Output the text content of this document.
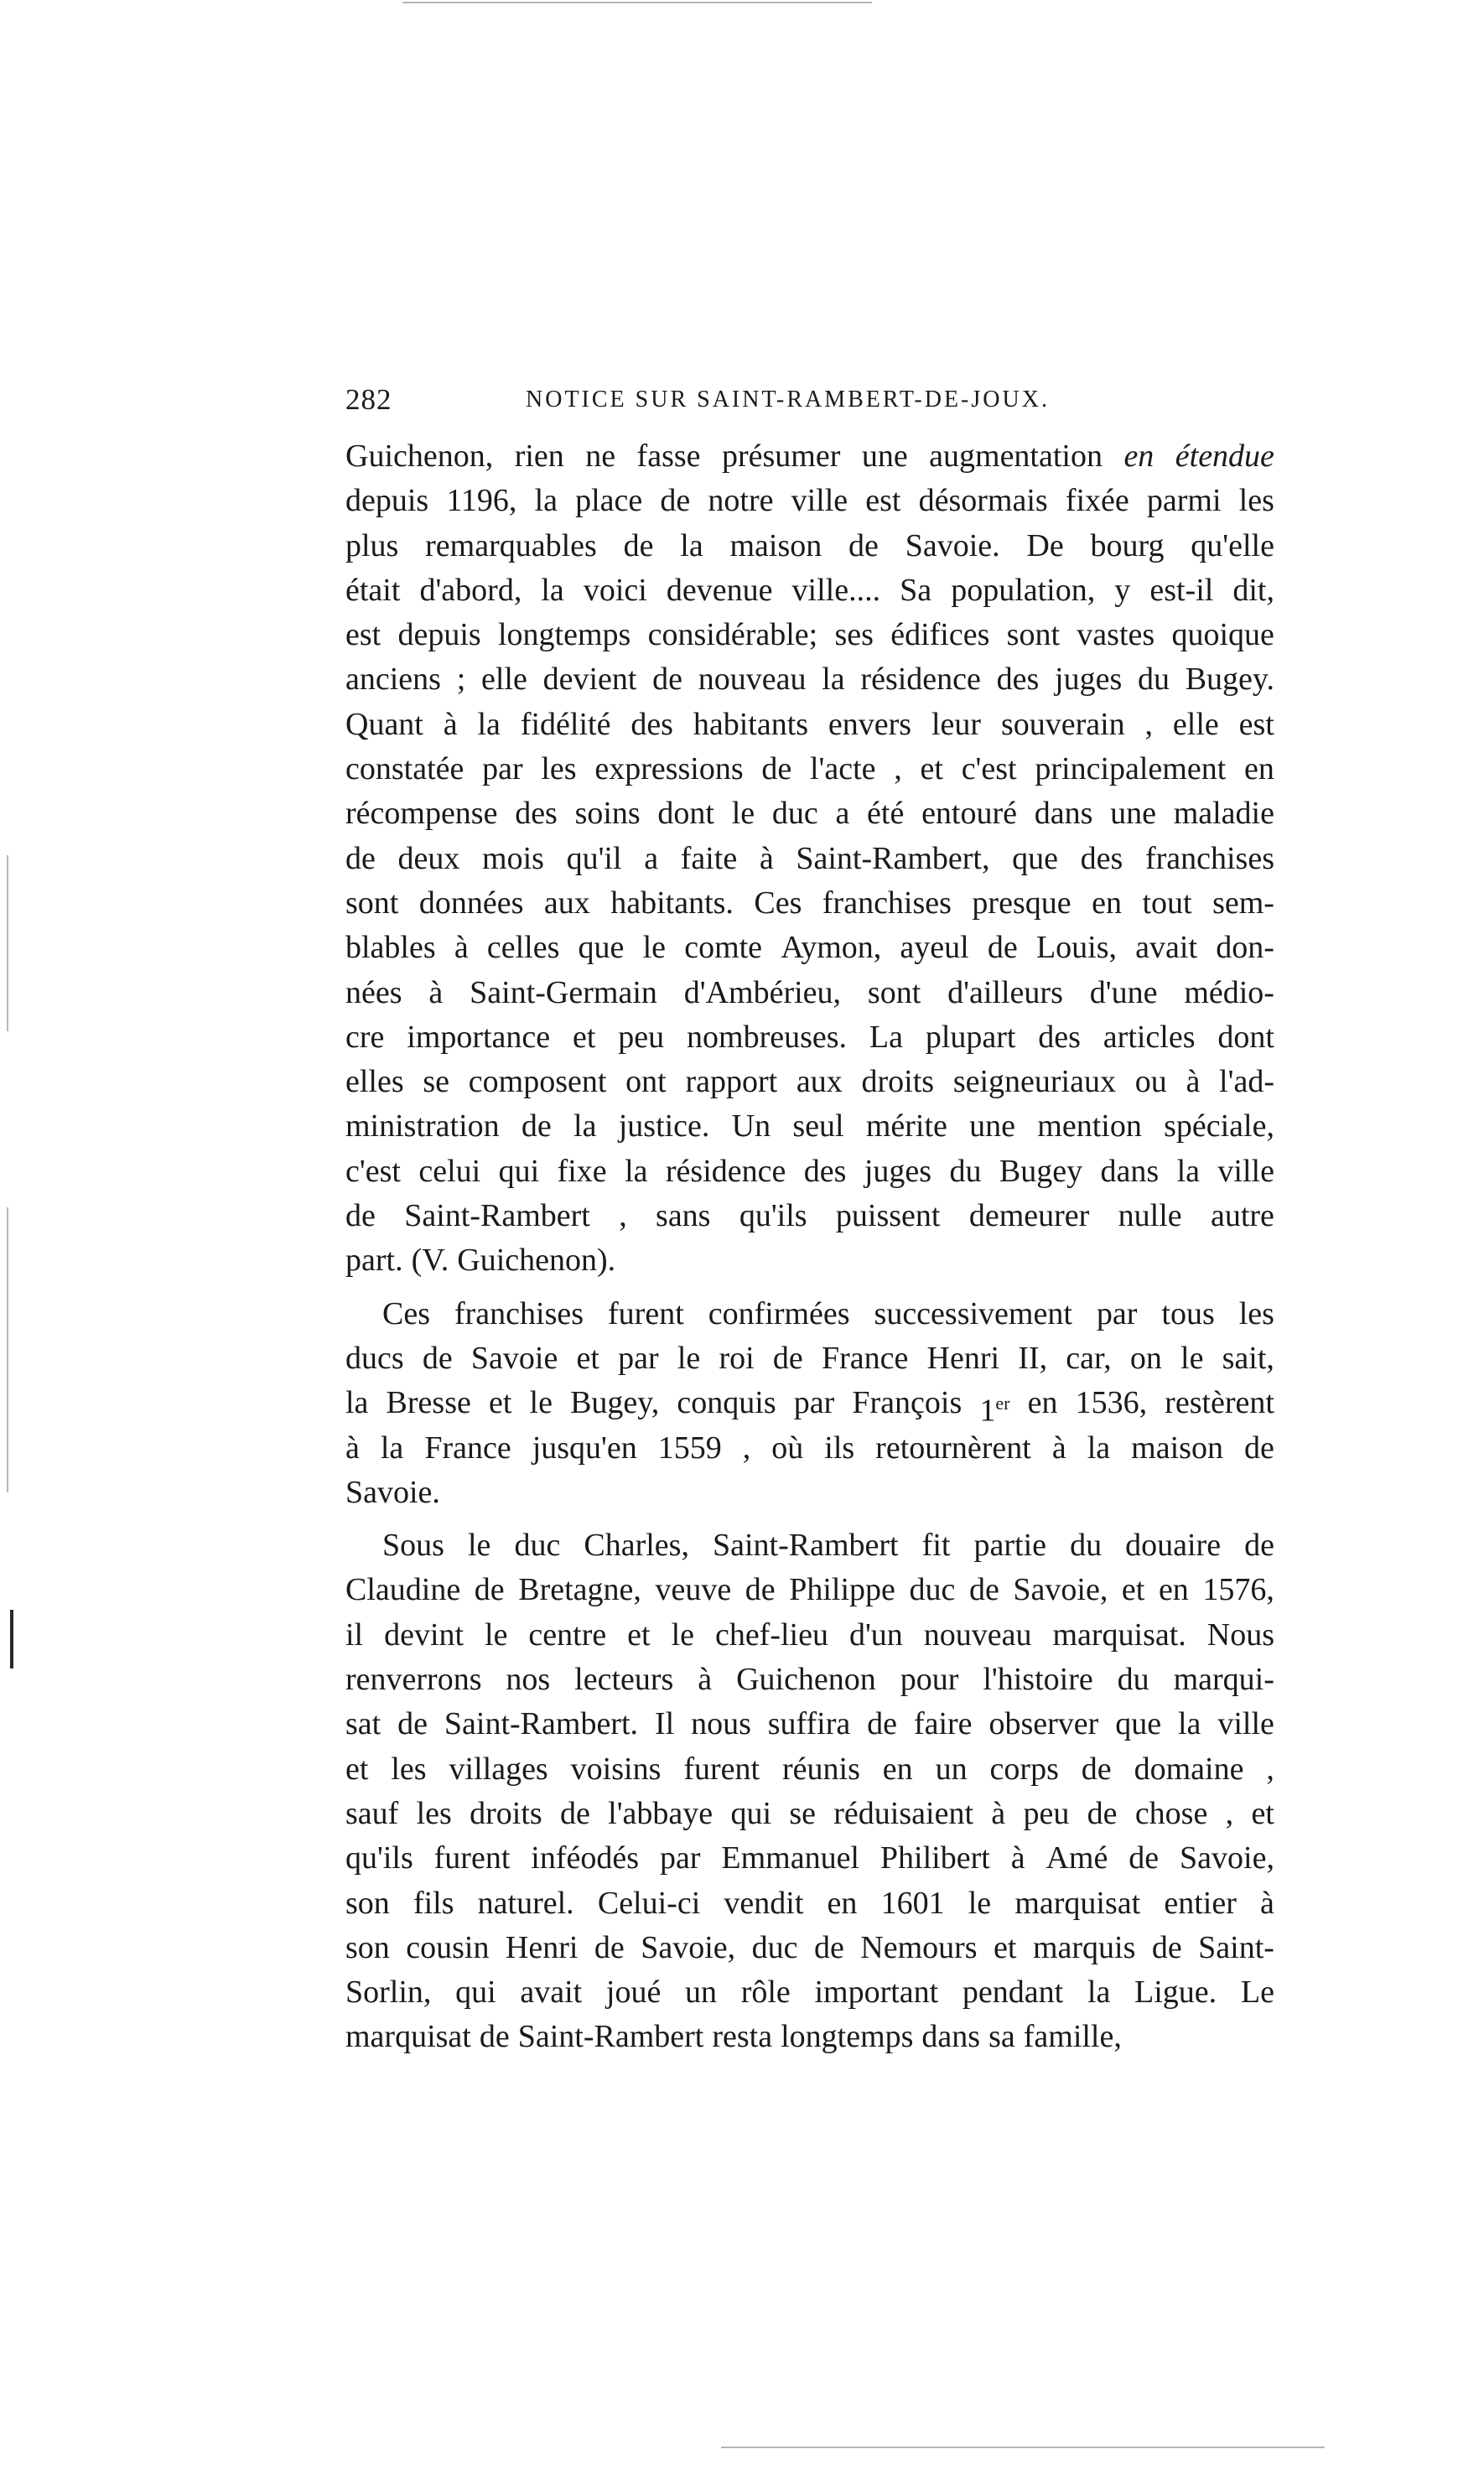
282	NOTICE SUR SAINT-RAMBERT-DE-JOUX.
Guichenon, rien ne fasse présumer une augmentation en étendue
depuis 1196, la place de notre ville est désormais fixée parmi les
plus remarquables de la maison de Savoie. De bourg qu'elle
était d'abord, la voici devenue ville.... Sa population, y est-il dit,
est depuis longtemps considérable; ses édifices sont vastes quoique
anciens ; elle devient de nouveau la résidence des juges du Bugey.
Quant à la fidélité des habitants envers leur souverain , elle est
constatée par les expressions de l'acte , et c'est principalement en
récompense des soins dont le duc a été entouré dans une maladie
de deux mois qu'il a faite à Saint-Rambert, que des franchises
sont données aux habitants. Ces franchises presque en tout sem-
blables à celles que le comte Aymon, ayeul de Louis, avait don-
nées à Saint-Germain d'Ambérieu, sont d'ailleurs d'une médio-
cre importance et peu nombreuses. La plupart des articles dont
elles se composent ont rapport aux droits seigneuriaux ou à l'ad-
ministration de la justice. Un seul mérite une mention spéciale,
c'est celui qui fixe la résidence des juges du Bugey dans la ville
de Saint-Rambert , sans qu'ils puissent demeurer nulle autre
part. (V. Guichenon).
Ces franchises furent confirmées successivement par tous les
ducs de Savoie et par le roi de France Henri II, car, on le sait,
la Bresse et le Bugey, conquis par François 1er en 1536, restèrent
à la France jusqu'en 1559 , où ils retournèrent à la maison de
Savoie.
Sous le duc Charles, Saint-Rambert fit partie du douaire de
Claudine de Bretagne, veuve de Philippe duc de Savoie, et en 1576,
il devint le centre et le chef-lieu d'un nouveau marquisat. Nous
renverrons nos lecteurs à Guichenon pour l'histoire du marqui-
sat de Saint-Rambert. Il nous suffira de faire observer que la ville
et les villages voisins furent réunis en un corps de domaine ,
sauf les droits de l'abbaye qui se réduisaient à peu de chose , et
qu'ils furent inféodés par Emmanuel Philibert à Amé de Savoie,
son fils naturel. Celui-ci vendit en 1601 le marquisat entier à
son cousin Henri de Savoie, duc de Nemours et marquis de Saint-
Sorlin, qui avait joué un rôle important pendant la Ligue. Le
marquisat de Saint-Rambert resta longtemps dans sa famille,
